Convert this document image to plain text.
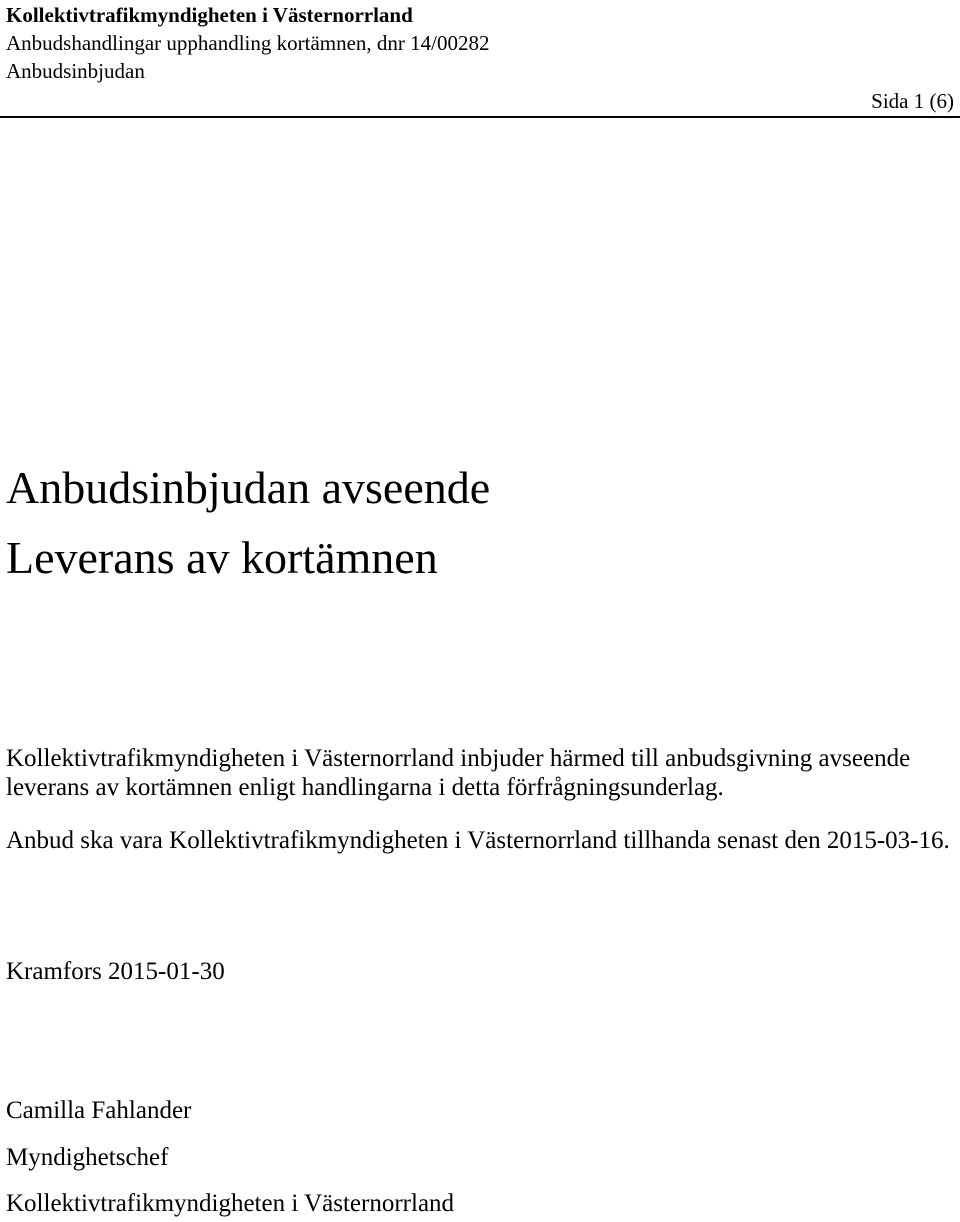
Kollektivtrafikmyndigheten i Västernorrland
Anbudshandlingar upphandling kortämnen, dnr 14/00282
Anbudsinbjudan
Sida 1 (6)
Anbudsinbjudan avseende
Leverans av kortämnen
Kollektivtrafikmyndigheten i Västernorrland inbjuder härmed till anbudsgivning avseende leverans av kortämnen enligt handlingarna i detta förfrågningsunderlag.
Anbud ska vara Kollektivtrafikmyndigheten i Västernorrland tillhanda senast den 2015-03-16.
Kramfors 2015-01-30
Camilla Fahlander
Myndighetschef
Kollektivtrafikmyndigheten i Västernorrland
